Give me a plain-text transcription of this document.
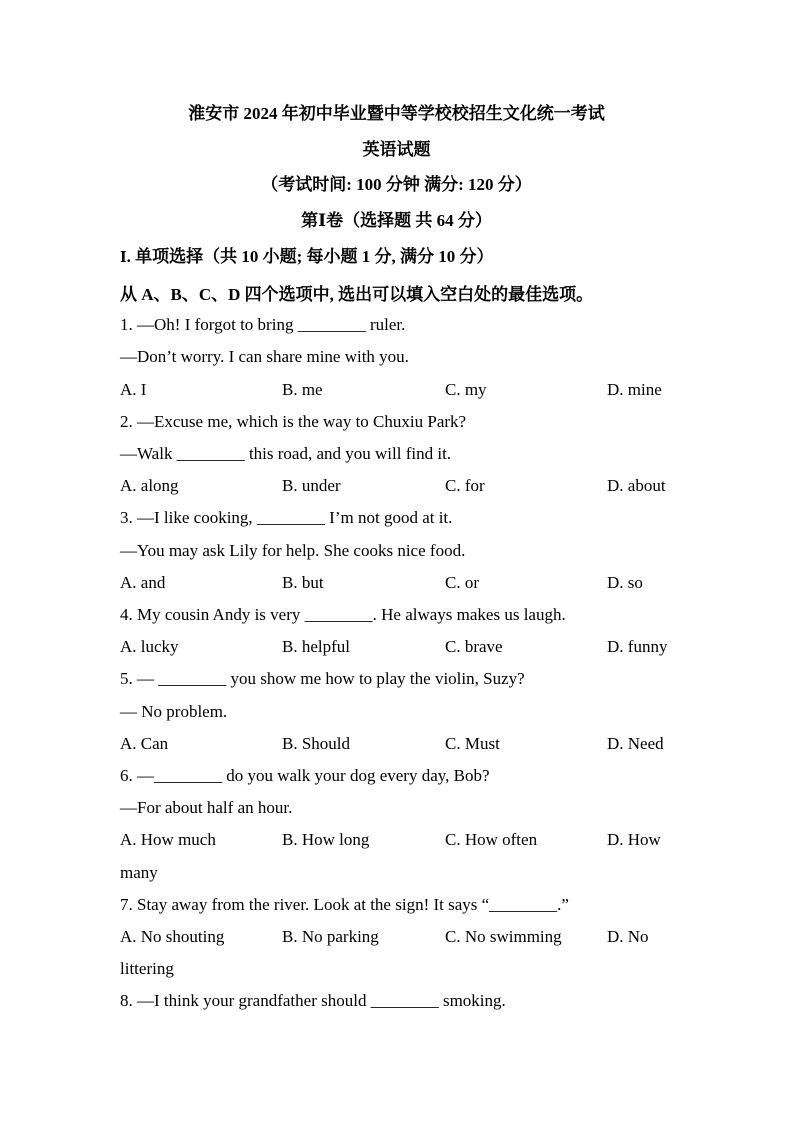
淮安市 2024 年初中毕业暨中等学校校招生文化统一考试
英语试题
（考试时间: 100 分钟 满分: 120 分）
第Ⅰ卷（选择题 共 64 分）
I. 单项选择（共 10 小题; 每小题 1 分, 满分 10 分）
从 A、B、C、D 四个选项中, 选出可以填入空白处的最佳选项。
1. —Oh! I forgot to bring ________ ruler.
—Don’t worry. I can share mine with you.
A. I	B. me	C. my	D. mine
2. —Excuse me, which is the way to Chuxiu Park?
—Walk ________ this road, and you will find it.
A. along	B. under	C. for	D. about
3. —I like cooking, ________ I’m not good at it.
—You may ask Lily for help. She cooks nice food.
A. and	B. but	C. or	D. so
4. My cousin Andy is very ________. He always makes us laugh.
A. lucky	B. helpful	C. brave	D. funny
5. — ________ you show me how to play the violin, Suzy?
— No problem.
A. Can	B. Should	C. Must	D. Need
6. —________ do you walk your dog every day, Bob?
—For about half an hour.
A. How much	B. How long	C. How often	D. How
many
7. Stay away from the river. Look at the sign! It says “________.”
A. No shouting	B. No parking	C. No swimming	D. No
littering
8. —I think your grandfather should ________ smoking.
